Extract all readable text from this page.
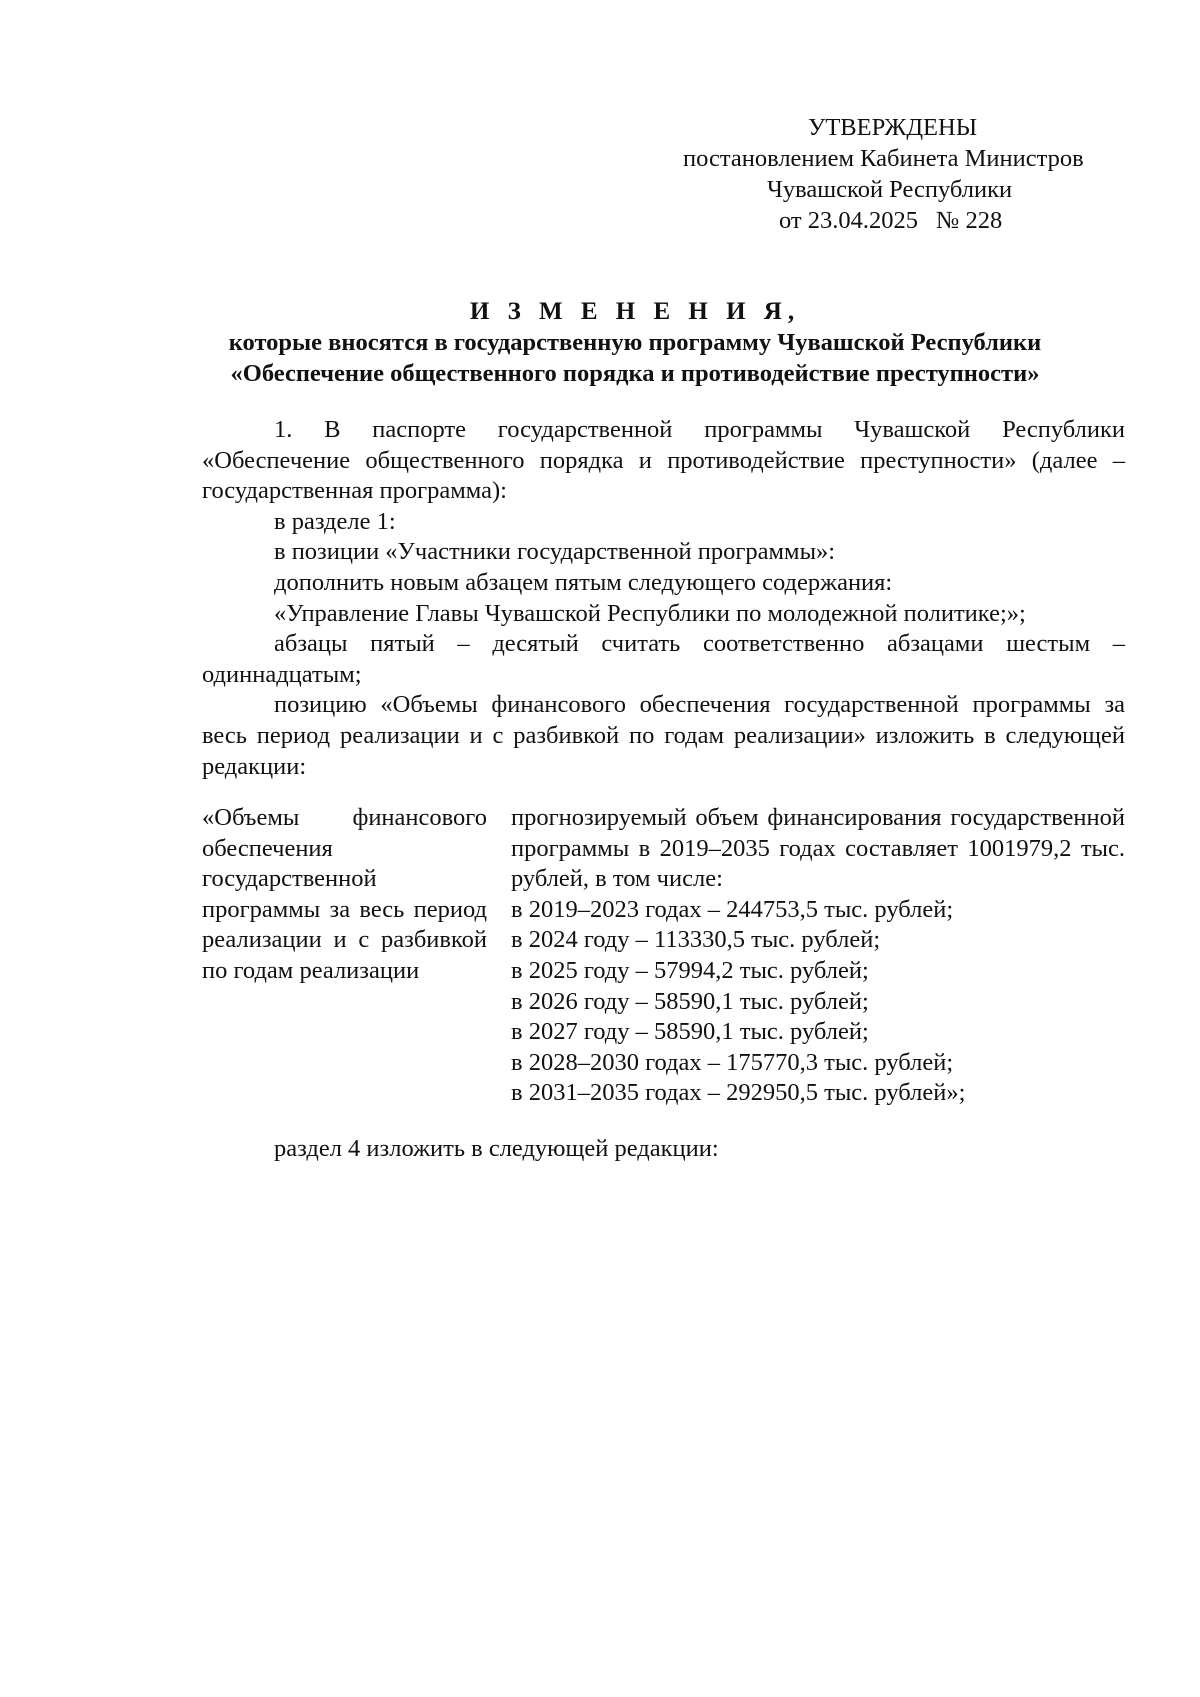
УТВЕРЖДЕНЫ
постановлением Кабинета Министров
Чувашской Республики
от 23.04.2025 № 228
И З М Е Н Е Н И Я,
которые вносятся в государственную программу Чувашской Республики
«Обеспечение общественного порядка и противодействие преступности»

1. В паспорте государственной программы Чувашской Республики «Обеспечение общественного порядка и противодействие преступности» (далее – государственная программа):

в разделе 1:

в позиции «Участники государственной программы»:

дополнить новым абзацем пятым следующего содержания:

«Управление Главы Чувашской Республики по молодежной политике;»;

абзацы пятый – десятый считать соответственно абзацами шестым – одиннадцатым;

позицию «Объемы финансового обеспечения государственной программы за весь период реализации и с разбивкой по годам реализации» изложить в следующей редакции:

«Объемы финансового обеспечения государственной программы за весь период реализации и с разбивкой по годам реализации
прогнозируемый объем финансирования государственной программы в 2019–2035 годах составляет 1001979,2 тыс. рублей, в том числе:
в 2019–2023 годах – 244753,5 тыс. рублей;
в 2024 году – 113330,5 тыс. рублей;
в 2025 году – 57994,2 тыс. рублей;
в 2026 году – 58590,1 тыс. рублей;
в 2027 году – 58590,1 тыс. рублей;
в 2028–2030 годах – 175770,3 тыс. рублей;
в 2031–2035 годах – 292950,5 тыс. рублей»;

раздел 4 изложить в следующей редакции:
